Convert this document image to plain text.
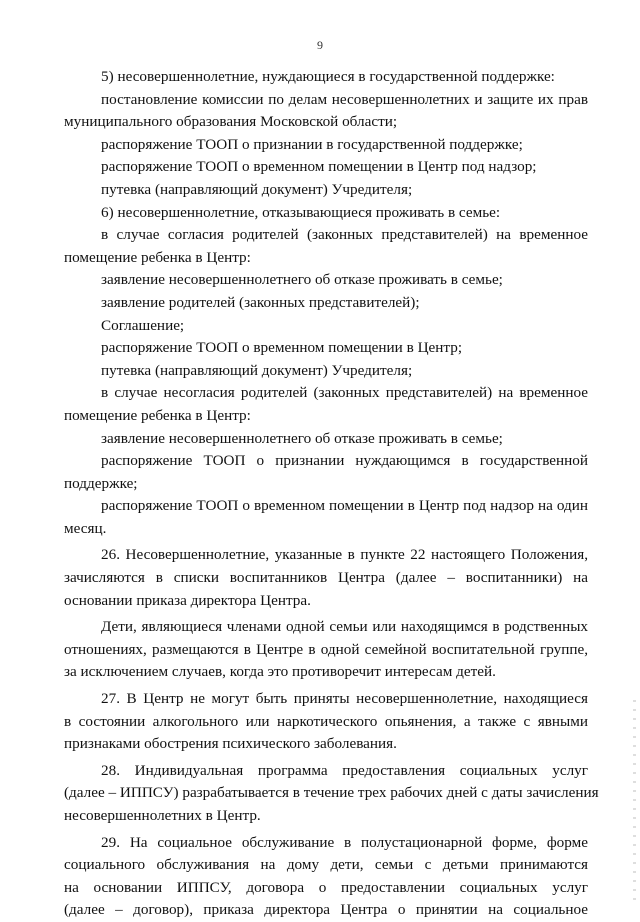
9

5) несовершеннолетние, нуждающиеся в государственной поддержке:

постановление комиссии по делам несовершеннолетних и защите их прав

муниципального образования Московской области;

распоряжение ТООП о признании в государственной поддержке;

распоряжение ТООП о временном помещении в Центр под надзор;

путевка (направляющий документ) Учредителя;

6) несовершеннолетние, отказывающиеся проживать в семье:

в случае согласия родителей (законных представителей) на временное

помещение ребенка в Центр:

заявление несовершеннолетнего об отказе проживать в семье;

заявление родителей (законных представителей);

Соглашение;

распоряжение ТООП о временном помещении в Центр;

путевка (направляющий документ) Учредителя;

в случае несогласия родителей (законных представителей) на временное

помещение ребенка в Центр:

заявление несовершеннолетнего об отказе проживать в семье;

распоряжение ТООП о признании нуждающимся в государственной

поддержке;

распоряжение ТООП о временном помещении в Центр под надзор на один

месяц.

26. Несовершеннолетние, указанные в пункте 22 настоящего Положения,

зачисляются в списки воспитанников Центра (далее – воспитанники) на

основании приказа директора Центра.

Дети, являющиеся членами одной семьи или находящимся в родственных

отношениях, размещаются в Центре в одной семейной воспитательной группе,

за исключением случаев, когда это противоречит интересам детей.

27. В Центр не могут быть приняты несовершеннолетние, находящиеся

в состоянии алкогольного или наркотического опьянения, а также с явными

признаками обострения психического заболевания.

28. Индивидуальная программа предоставления социальных услуг

(далее – ИППСУ) разрабатывается в течение трех рабочих дней с даты зачисления

несовершеннолетних в Центр.

29. На социальное обслуживание в полустационарной форме, форме

социального обслуживания на дому дети, семьи с детьми принимаются

на основании ИППСУ, договора о предоставлении социальных услуг

(далее – договор), приказа директора Центра о принятии на социальное
